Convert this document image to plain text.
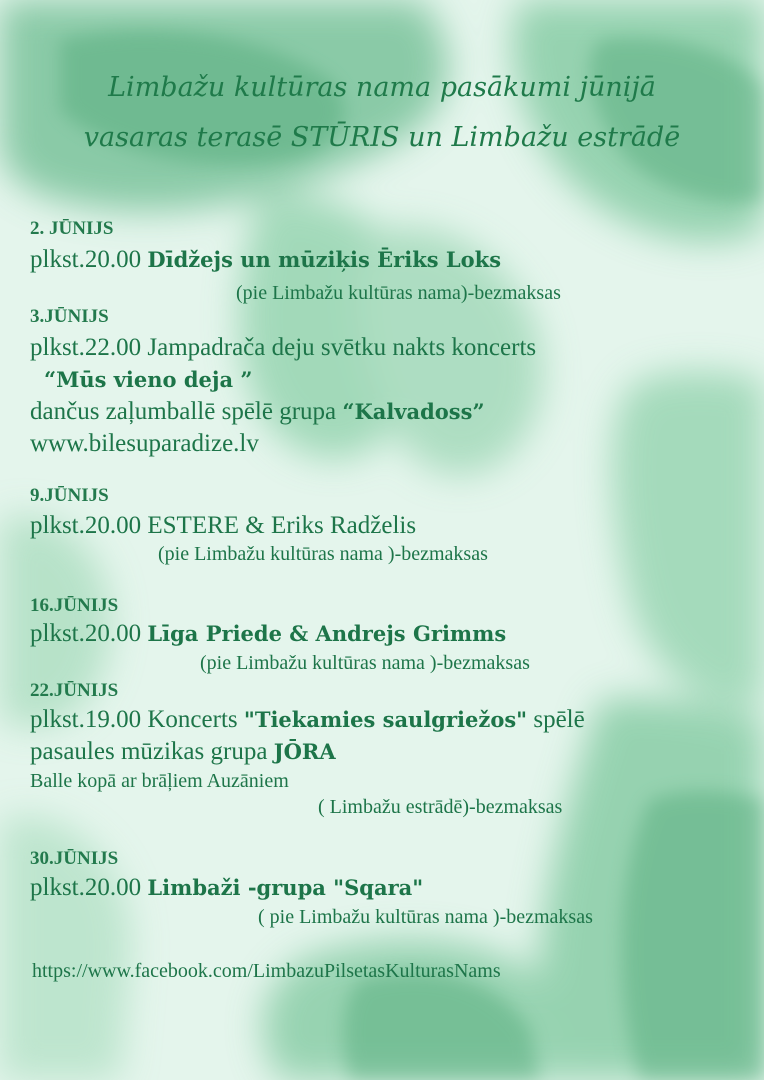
Limbažu kultūras nama pasākumi jūnijā
vasaras terasē STŪRIS un Limbažu estrādē
2. JŪNIJS
plkst.20.00 Dīdžejs un mūziķis Ēriks Loks
(pie Limbažu kultūras nama)-bezmaksas
3.JŪNIJS
plkst.22.00 Jampadrača deju svētku nakts koncerts
“Mūs vieno deja ”
dančus zaļumballē spēlē grupa “Kalvadoss”
www.bilesuparadize.lv
9.JŪNIJS
plkst.20.00 ESTERE & Eriks Radželis
(pie Limbažu kultūras nama )-bezmaksas
16.JŪNIJS
plkst.20.00 Līga Priede & Andrejs Grimms
(pie Limbažu kultūras nama )-bezmaksas
22.JŪNIJS
plkst.19.00 Koncerts "Tiekamies saulgriežos" spēlē
pasaules mūzikas grupa JŌRA
Balle kopā ar brāļiem Auzāniem
( Limbažu estrādē)-bezmaksas
30.JŪNIJS
plkst.20.00 Limbaži -grupa "Sqara"
( pie Limbažu kultūras nama )-bezmaksas
https://www.facebook.com/LimbazuPilsetasKulturasNams
